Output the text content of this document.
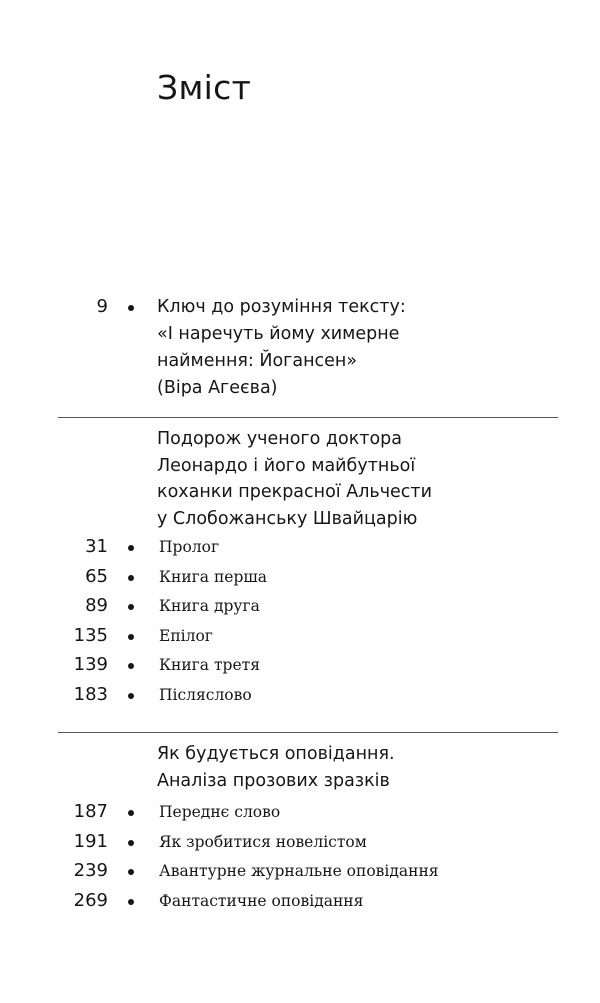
Зміст
9	Ключ до розуміння тексту:
«І наречуть йому химерне
наймення: Йогансен»
(Віра Агеєва)
Подорож ученого доктора
Леонардо і його майбутньої
коханки прекрасної Альчести
у Слобожанську Швайцарію
31	Пролог
65	Книга перша
89	Книга друга
135	Епілог
139	Книга третя
183	Післяслово
Як будується оповідання.
Аналіза прозових зразків
187	Переднє слово
191	Як зробитися новелістом
239	Авантурне журнальне оповідання
269	Фантастичне оповідання
